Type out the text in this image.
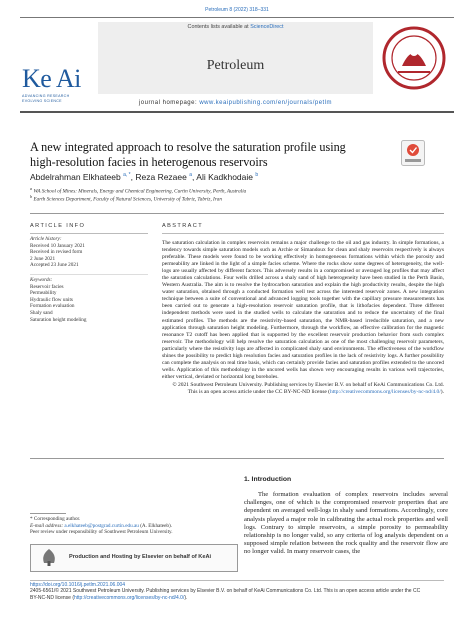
Petroleum 8 (2022) 318–331
Ke Ai
ADVANCING RESEARCH
EVOLVING SCIENCE
Contents lists available at ScienceDirect
Petroleum
journal homepage: www.keaipublishing.com/en/journals/petlm
A new integrated approach to resolve the saturation profile using high-resolution facies in heterogenous reservoirs
Abdelrahman Elkhateeb $^{a, *}$, Reza Rezaee $^a$, Ali Kadkhodaie $^b$
$^a$ WA School of Mines: Minerals, Energy and Chemical Engineering, Curtin University, Perth, Australia
$^b$ Earth Sciences Department, Faculty of Natural Sciences, University of Tabriz, Tabriz, Iran
ARTICLE INFO
Article history:
Received 10 January 2021
Received in revised form
2 June 2021
Accepted 23 June 2021
Keywords:
Reservoir facies
Permeability
Hydraulic flow units
Formation evaluation
Shaly sand
Saturation height modeling
ABSTRACT
The saturation calculation in complex reservoirs remains a major challenge to the oil and gas industry. In simple formations, a tendency towards simple saturation models such as Archie or Simandoux for clean and shaly reservoirs respectively is always preferable. These models were found to be working effectively in homogeneous formations within which the porosity and permeability are linked in the light of a simple facies scheme. Where the rocks show some degrees of heterogeneity, the well-logs are usually affected by different factors. This adversely results in a compromised or averaged log profiles that may affect the saturation calculations. Four wells drilled across a shaly sand of high heterogeneity have been studied in the Perth Basin, Western Australia. The aim is to resolve the hydrocarbon saturation and explain the high productivity results, despite the high water saturation, obtained through a conducted formation well test across the interested reservoir zones. A new integration technique between a suite of conventional and advanced logging tools together with the capillary pressure measurements has been carried out to generate a high-resolution reservoir saturation profile, that is lithofacies dependent. Three different independent methods were used in the studied wells to calculate the saturation and to reduce the uncertainty of the final estimated profiles. The methods are the resistivity-based saturation, the NMR-based irreducible saturation, and a new application through saturation height modeling. Furthermore, through the workflow, an effective calibration for the magnetic resonance T2 cutoff has been applied that is supported by the excellent reservoir production behavior from such complex reservoir. The methodology will help resolve the saturation calculation as one of the most challenging reservoir parameters, particularly where the resistivity logs are affected in complicated shaly sand environments. The effectiveness of the workflow shines the possibility to predict high resolution facies and saturation profiles in the lack of resistivity logs. A further possibility can complete the analysis on real time basis, which can certainly provide facies and saturation profiles extended to the uncored wells. Application of this methodology in the uncored wells has shown very encouraging results in various well trajectories, either vertical, deviated or horizontal long boreholes.
© 2021 Southwest Petroleum University. Publishing services by Elsevier B.V. on behalf of KeAi Communications Co. Ltd. This is an open access article under the CC BY-NC-ND license (http://creativecommons.org/licenses/by-nc-nd/4.0/).
1. Introduction
The formation evaluation of complex reservoirs includes several challenges, one of which is the compromised reservoir properties that are dependent on averaged well-logs in shaly sand formations. Accordingly, core analysis played a major role in calibrating the actual rock properties and well logs. Contrary to simple reservoirs, a simple porosity to permeability relationship is no longer valid, so any criteria of log analysis dependent on a supposed simple relation between the rock quality and the reservoir flow are no longer valid. In many reservoir cases, the
* Corresponding author.
E-mail address: a.elkhateeb@postgrad.curtin.edu.au (A. Elkhateeb).
Peer review under responsibility of Southwest Petroleum University.
Production and Hosting by Elsevier on behalf of KeAi
https://doi.org/10.1016/j.petlm.2021.06.004
2405-6561/© 2021 Southwest Petroleum University. Publishing services by Elsevier B.V. on behalf of KeAi Communications Co. Ltd. This is an open access article under the CC
BY-NC-ND license (http://creativecommons.org/licenses/by-nc-nd/4.0/).
